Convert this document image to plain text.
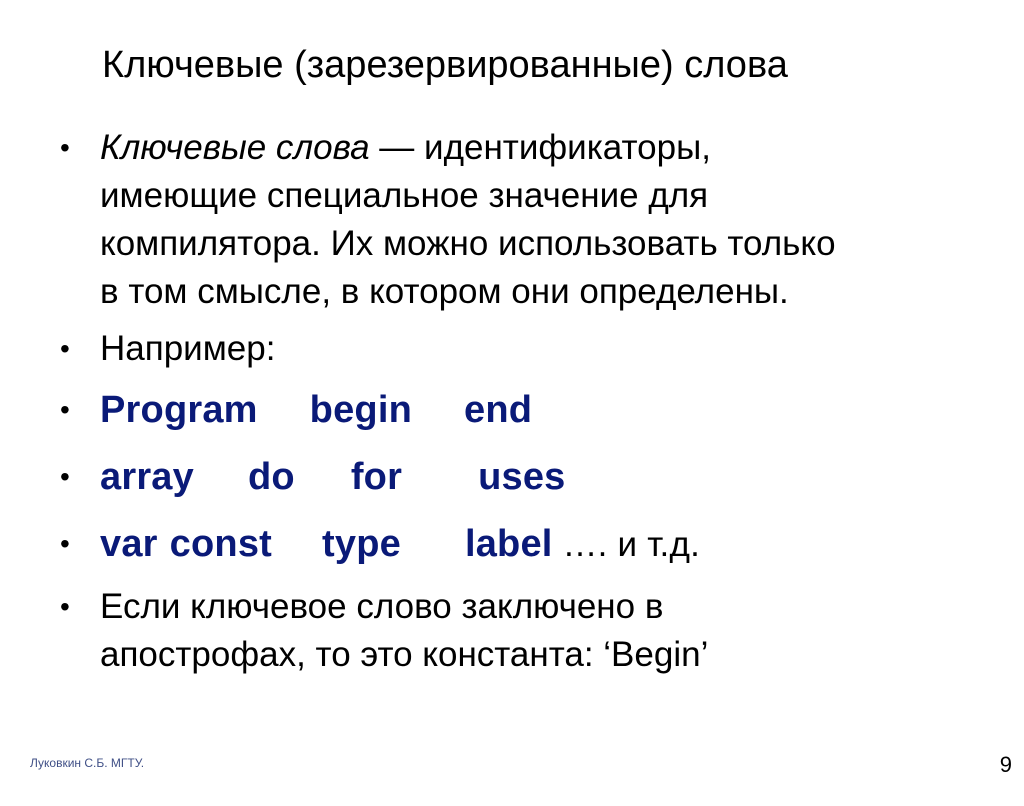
Ключевые (зарезервированные) слова
• Ключевые слова — идентификаторы,
имеющие специальное значение для
компилятора. Их можно использовать только
в том смысле, в котором они определены.
• Например:
• Program begin end
• array do for uses
• var const type label …. и т.д.
• Если ключевое слово заключено в
апострофах, то это константа: ‘Begin’
Луковкин С.Б. МГТУ.	9
